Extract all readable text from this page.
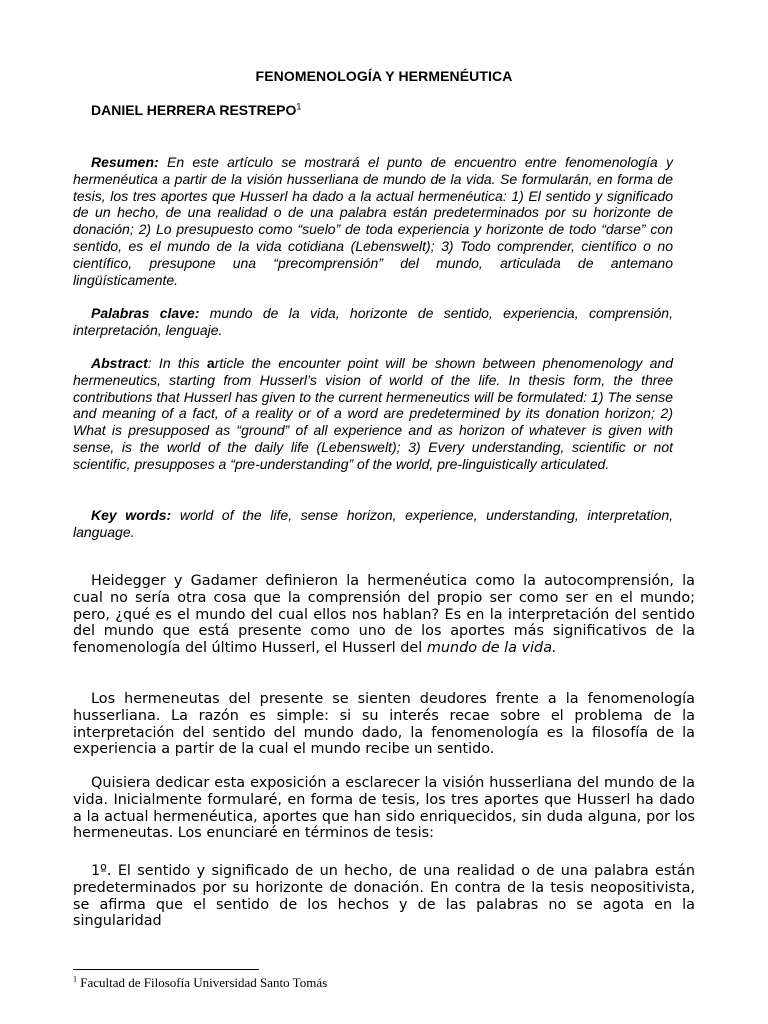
FENOMENOLOGÍA Y HERMENÉUTICA
DANIEL HERRERA RESTREPO$^1$

Resumen: En este artículo se mostrará el punto de encuentro entre fenomenología y hermenéutica a partir de la visión husserliana de mundo de la vida. Se formularán, en forma de tesis, los tres aportes que Husserl ha dado a la actual hermenéutica: 1) El sentido y significado de un hecho, de una realidad o de una palabra están predeterminados por su horizonte de donación; 2) Lo presupuesto como “suelo” de toda experiencia y horizonte de todo “darse” con sentido, es el mundo de la vida cotidiana (Lebenswelt); 3) Todo comprender, científico o no científico, presupone una “precomprensión” del mundo, articulada de antemano lingüísticamente.

Palabras clave: mundo de la vida, horizonte de sentido, experiencia, comprensión, interpretación, lenguaje.

Abstract: In this article the encounter point will be shown between phenomenology and hermeneutics, starting from Husserl’s vision of world of the life. In thesis form, the three contributions that Husserl has given to the current hermeneutics will be formulated: 1) The sense and meaning of a fact, of a reality or of a word are predetermined by its donation horizon; 2) What is presupposed as “ground” of all experience and as horizon of whatever is given with sense, is the world of the daily life (Lebenswelt); 3) Every understanding, scientific or not scientific, presupposes a “pre-understanding” of the world, pre-linguistically articulated.

Key words: world of the life, sense horizon, experience, understanding, interpretation, language.

Heidegger y Gadamer definieron la hermenéutica como la autocomprensión, la cual no sería otra cosa que la comprensión del propio ser como ser en el mundo; pero, ¿qué es el mundo del cual ellos nos hablan? Es en la interpretación del sentido del mundo que está presente como uno de los aportes más significativos de la fenomenología del último Husserl, el Husserl del mundo de la vida.

Los hermeneutas del presente se sienten deudores frente a la fenomenología husserliana. La razón es simple: si su interés recae sobre el problema de la interpretación del sentido del mundo dado, la fenomenología es la filosofía de la experiencia a partir de la cual el mundo recibe un sentido.

Quisiera dedicar esta exposición a esclarecer la visión husserliana del mundo de la vida. Inicialmente formularé, en forma de tesis, los tres aportes que Husserl ha dado a la actual hermenéutica, aportes que han sido enriquecidos, sin duda alguna, por los hermeneutas. Los enunciaré en términos de tesis:

1º. El sentido y significado de un hecho, de una realidad o de una palabra están predeterminados por su horizonte de donación. En contra de la tesis neopositivista, se afirma que el sentido de los hechos y de las palabras no se agota en la singularidad

$^1$ Facultad de Filosofía Universidad Santo Tomás
